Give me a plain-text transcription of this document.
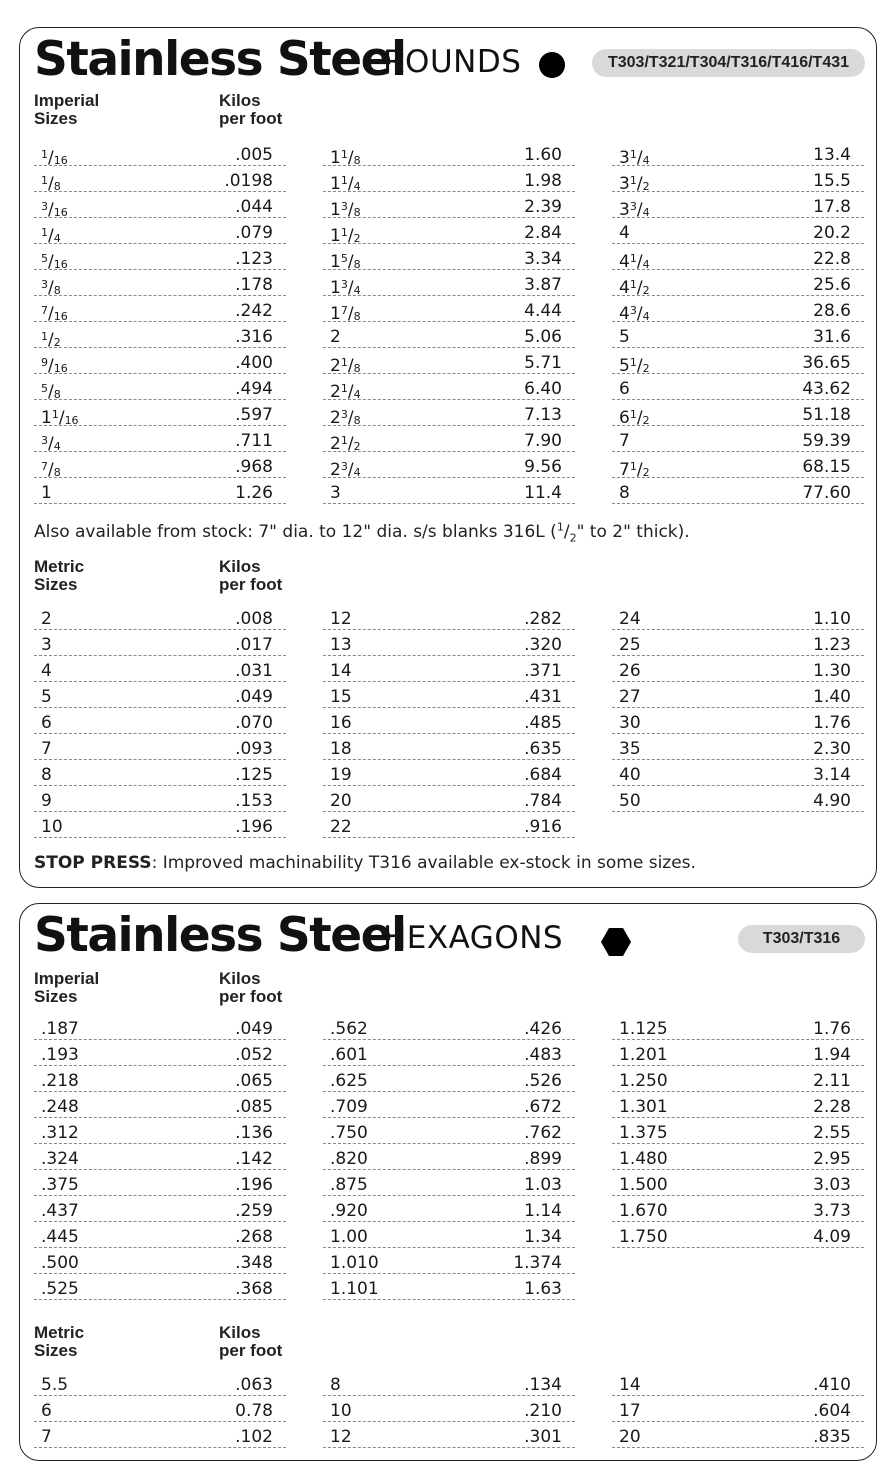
Stainless Steel
ROUNDS	T303/T321/T304/T316/T416/T431
Imperial
Sizes
Kilos
per foot
$^1/_{16}$	.005
$^1/_8$	.0198
$^3/_{16}$	.044
$^1/_4$	.079
$^5/_{16}$	.123
$^3/_8$	.178
$^7/_{16}$	.242
$^1/_2$	.316
$^9/_{16}$	.400
$^5/_8$	.494
$1^1/_{16}$	.597
$^3/_4$	.711
$^7/_8$	.968
1	1.26
$1^1/_8$	1.60
$1^1/_4$	1.98
$1^3/_8$	2.39
$1^1/_2$	2.84
$1^5/_8$	3.34
$1^3/_4$	3.87
$1^7/_8$	4.44
2	5.06
$2^1/_8$	5.71
$2^1/_4$	6.40
$2^3/_8$	7.13
$2^1/_2$	7.90
$2^3/_4$	9.56
3	11.4
$3^1/_4$	13.4
$3^1/_2$	15.5
$3^3/_4$	17.8
4	20.2
$4^1/_4$	22.8
$4^1/_2$	25.6
$4^3/_4$	28.6
5	31.6
$5^1/_2$	36.65
6	43.62
$6^1/_2$	51.18
7	59.39
$7^1/_2$	68.15
8	77.60
Also available from stock: 7" dia. to 12" dia. s/s blanks 316L ($^1/_2$" to 2" thick).
Metric
Sizes
Kilos
per foot
2	.008
3	.017
4	.031
5	.049
6	.070
7	.093
8	.125
9	.153
10	.196
12	.282
13	.320
14	.371
15	.431
16	.485
18	.635
19	.684
20	.784
22	.916
24	1.10
25	1.23
26	1.30
27	1.40
30	1.76
35	2.30
40	3.14
50	4.90
STOP PRESS: Improved machinability T316 available ex-stock in some sizes.
Stainless Steel
HEXAGONS	T303/T316
Imperial
Sizes
Kilos
per foot
.187	.049
.193	.052
.218	.065
.248	.085
.312	.136
.324	.142
.375	.196
.437	.259
.445	.268
.500	.348
.525	.368
.562	.426
.601	.483
.625	.526
.709	.672
.750	.762
.820	.899
.875	1.03
.920	1.14
1.00	1.34
1.010	1.374
1.101	1.63
1.125	1.76
1.201	1.94
1.250	2.11
1.301	2.28
1.375	2.55
1.480	2.95
1.500	3.03
1.670	3.73
1.750	4.09
Metric
Sizes
Kilos
per foot
5.5	.063
6	0.78
7	.102
8	.134
10	.210
12	.301
14	.410
17	.604
20	.835
